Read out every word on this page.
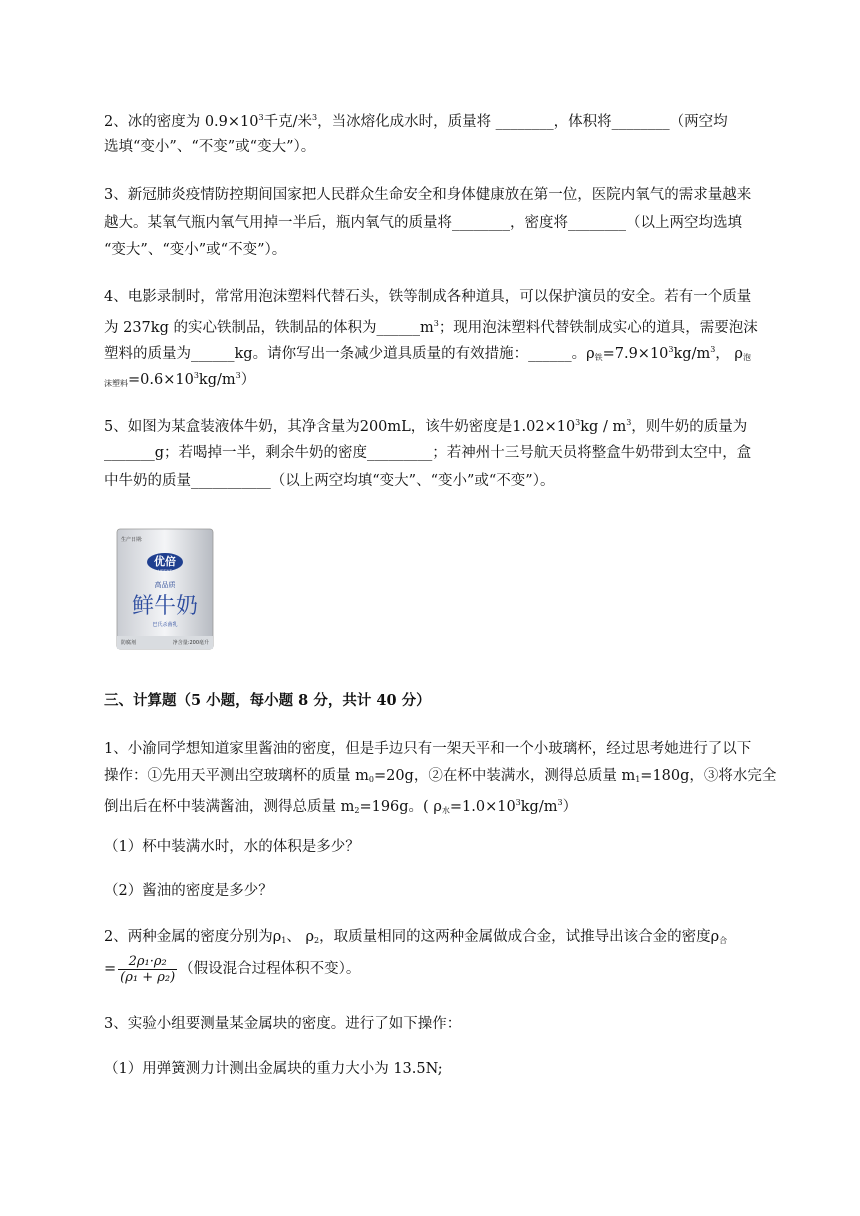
2、冰的密度为 $0.9\times 10^3$千克/米$^3$，当冰熔化成水时，质量将 ________，体积将________（两空均
选填“变小”、“不变”或“变大”）。
3、新冠肺炎疫情防控期间国家把人民群众生命安全和身体健康放在第一位，医院内氧气的需求量越来
越大。某氧气瓶内氧气用掉一半后，瓶内氧气的质量将________，密度将________（以上两空均选填
“变大”、“变小”或“不变”）。
4、电影录制时，常常用泡沫塑料代替石头，铁等制成各种道具，可以保护演员的安全。若有一个质量
为 237kg 的实心铁制品，铁制品的体积为$\_\_\_\_\_\_m^3$；现用泡沫塑料代替铁制成实心的道具，需要泡沫
塑料的质量为______kg。请你写出一条减少道具质量的有效措施：______。$\rho_铁=7.9\times 10^3kg/m^3$， $\rho_泡$
$_{沫塑料}=0.6\times 10^3kg/m^3$）
5、如图为某盒装液体牛奶，其净含量为200mL，该牛奶密度是$1.02\times 10^3kg / m^3$，则牛奶的质量为
_______g；若喝掉一半，剩余牛奶的密度_________；若神州十三号航天员将整盒牛奶带到太空中，盒
中牛奶的质量___________（以上两空均填“变大”、“变小”或“不变”）。
生产日期:
优倍
URENT
高品质
鲜牛奶
巴氏杀菌乳
防腐剂	净含量:200毫升
三、计算题（5 小题，每小题 8 分，共计 40 分）
1、小渝同学想知道家里酱油的密度，但是手边只有一架天平和一个小玻璃杯，经过思考她进行了以下
操作：①先用天平测出空玻璃杯的质量 $m_0=20g$，②在杯中装满水，测得总质量 $m_1=180g$，③将水完全
倒出后在杯中装满酱油，测得总质量 $m_2=196g$。( $\rho_水=1.0\times 10^3kg/m^3$）
（1）杯中装满水时，水的体积是多少？
（2）酱油的密度是多少？
2、两种金属的密度分别为$\rho_1$、 $\rho_2$，取质量相同的这两种金属做成合金，试推导出该合金的密度$\rho_合$
= $\frac{\text{2ρ₁·ρ₂}}{\text{(ρ₁ + ρ₂)}}$ （假设混合过程体积不变）。
3、实验小组要测量某金属块的密度。进行了如下操作：
（1）用弹簧测力计测出金属块的重力大小为 13.5N;
